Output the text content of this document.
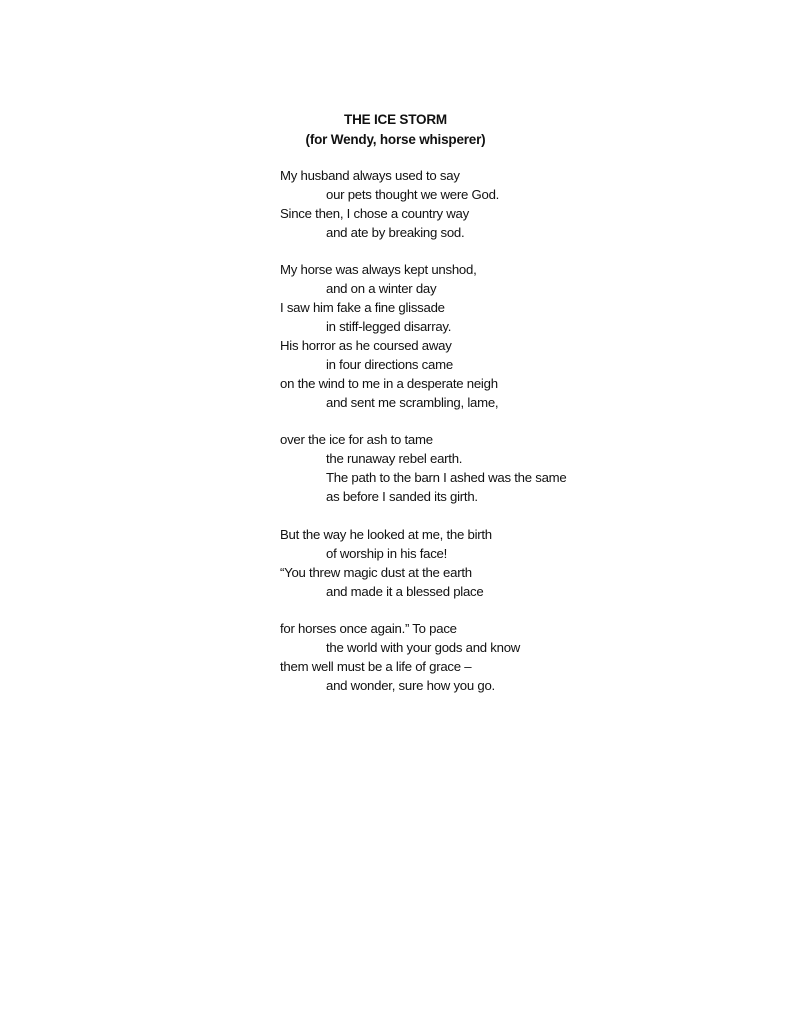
THE ICE STORM
(for Wendy, horse whisperer)
My husband always used to say
our pets thought we were God.
Since then, I chose a country way
and ate by breaking sod.
My horse was always kept unshod,
and on a winter day
I saw him fake a fine glissade
in stiff-legged disarray.
His horror as he coursed away
in four directions came
on the wind to me in a desperate neigh
and sent me scrambling, lame,
over the ice for ash to tame
the runaway rebel earth.
The path to the barn I ashed was the same
as before I sanded its girth.
But the way he looked at me, the birth
of worship in his face!
“You threw magic dust at the earth
and made it a blessed place
for horses once again.” To pace
the world with your gods and know
them well must be a life of grace –
and wonder, sure how you go.
